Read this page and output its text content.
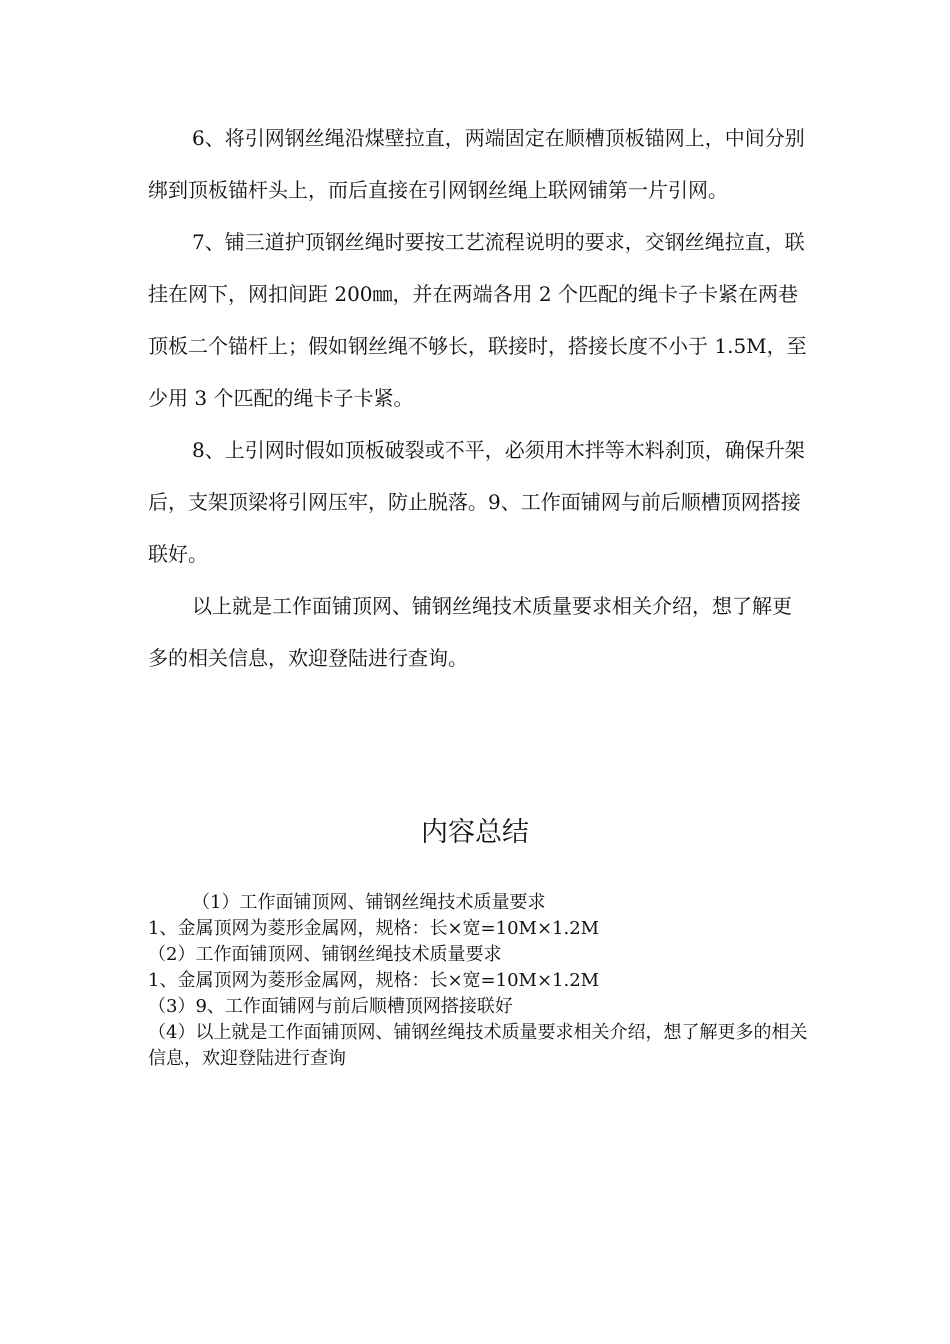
6、将引网钢丝绳沿煤壁拉直，两端固定在顺槽顶板锚网上，中间分别绑到顶板锚杆头上，而后直接在引网钢丝绳上联网铺第一片引网。

7、铺三道护顶钢丝绳时要按工艺流程说明的要求，交钢丝绳拉直，联挂在网下，网扣间距 200㎜，并在两端各用 2 个匹配的绳卡子卡紧在两巷顶板二个锚杆上；假如钢丝绳不够长，联接时，搭接长度不小于 1.5M，至少用 3 个匹配的绳卡子卡紧。

8、上引网时假如顶板破裂或不平，必须用木拌等木料刹顶，确保升架后，支架顶梁将引网压牢，防止脱落。9、工作面铺网与前后顺槽顶网搭接联好。

以上就是工作面铺顶网、铺钢丝绳技术质量要求相关介绍，想了解更多的相关信息，欢迎登陆进行查询。

内容总结

（1）工作面铺顶网、铺钢丝绳技术质量要求

1、金属顶网为菱形金属网，规格：长×宽=10M×1.2M

（2）工作面铺顶网、铺钢丝绳技术质量要求

1、金属顶网为菱形金属网，规格：长×宽=10M×1.2M

（3）9、工作面铺网与前后顺槽顶网搭接联好

（4）以上就是工作面铺顶网、铺钢丝绳技术质量要求相关介绍，想了解更多的相关信息，欢迎登陆进行查询
